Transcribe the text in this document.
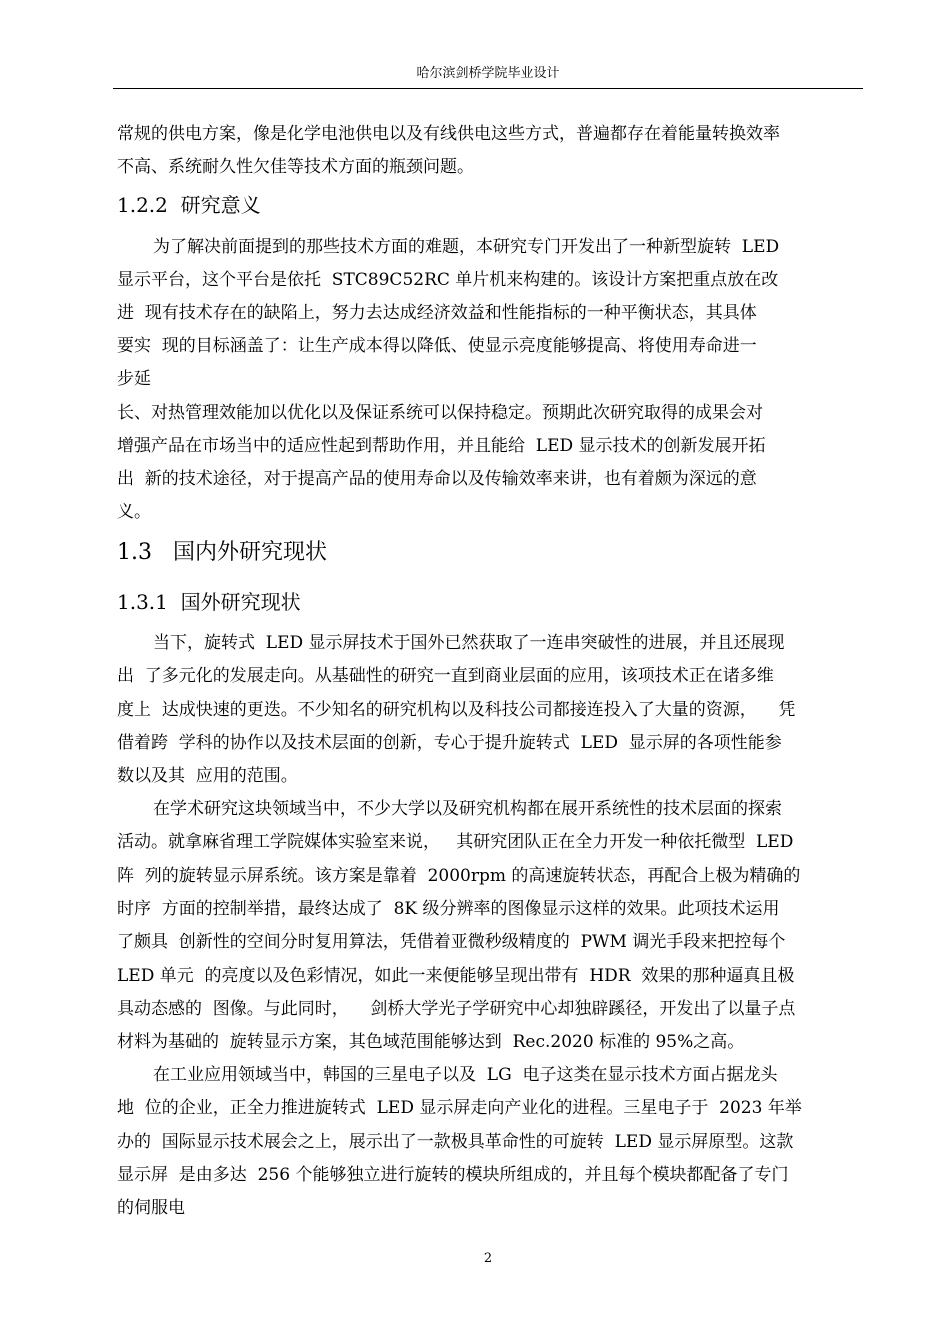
哈尔滨剑桥学院毕业设计
常规的供电方案，像是化学电池供电以及有线供电这些方式，普遍都存在着能量转换效率
不高、系统耐久性欠佳等技术方面的瓶颈问题。
1.2.2  研究意义
为了解决前面提到的那些技术方面的难题，本研究专门开发出了一种新型旋转  LED
显示平台，这个平台是依托  STC89C52RC 单片机来构建的。该设计方案把重点放在改
进  现有技术存在的缺陷上，努力去达成经济效益和性能指标的一种平衡状态，其具体
要实  现的目标涵盖了：让生产成本得以降低、使显示亮度能够提高、将使用寿命进一
步延
长、对热管理效能加以优化以及保证系统可以保持稳定。预期此次研究取得的成果会对
增强产品在市场当中的适应性起到帮助作用，并且能给  LED 显示技术的创新发展开拓
出  新的技术途径，对于提高产品的使用寿命以及传输效率来讲，也有着颇为深远的意
义。
1.3   国内外研究现状
1.3.1  国外研究现状
当下，旋转式  LED 显示屏技术于国外已然获取了一连串突破性的进展，并且还展现
出  了多元化的发展走向。从基础性的研究一直到商业层面的应用，该项技术正在诸多维
度上  达成快速的更迭。不少知名的研究机构以及科技公司都接连投入了大量的资源，    凭
借着跨  学科的协作以及技术层面的创新，专心于提升旋转式  LED  显示屏的各项性能参
数以及其  应用的范围。
在学术研究这块领域当中，不少大学以及研究机构都在展开系统性的技术层面的探索
活动。就拿麻省理工学院媒体实验室来说，   其研究团队正在全力开发一种依托微型  LED
阵  列的旋转显示屏系统。该方案是靠着  2000rpm 的高速旋转状态，再配合上极为精确的
时序  方面的控制举措，最终达成了  8K 级分辨率的图像显示这样的效果。此项技术运用
了颇具  创新性的空间分时复用算法，凭借着亚微秒级精度的  PWM 调光手段来把控每个
LED 单元  的亮度以及色彩情况，如此一来便能够呈现出带有  HDR  效果的那种逼真且极
具动态感的  图像。与此同时，    剑桥大学光子学研究中心却独辟蹊径，开发出了以量子点
材料为基础的  旋转显示方案，其色域范围能够达到  Rec.2020 标准的 95%之高。
在工业应用领域当中，韩国的三星电子以及  LG  电子这类在显示技术方面占据龙头
地  位的企业，正全力推进旋转式  LED 显示屏走向产业化的进程。三星电子于  2023 年举
办的  国际显示技术展会之上，展示出了一款极具革命性的可旋转  LED 显示屏原型。这款
显示屏  是由多达  256 个能够独立进行旋转的模块所组成的，并且每个模块都配备了专门
的伺服电
2
